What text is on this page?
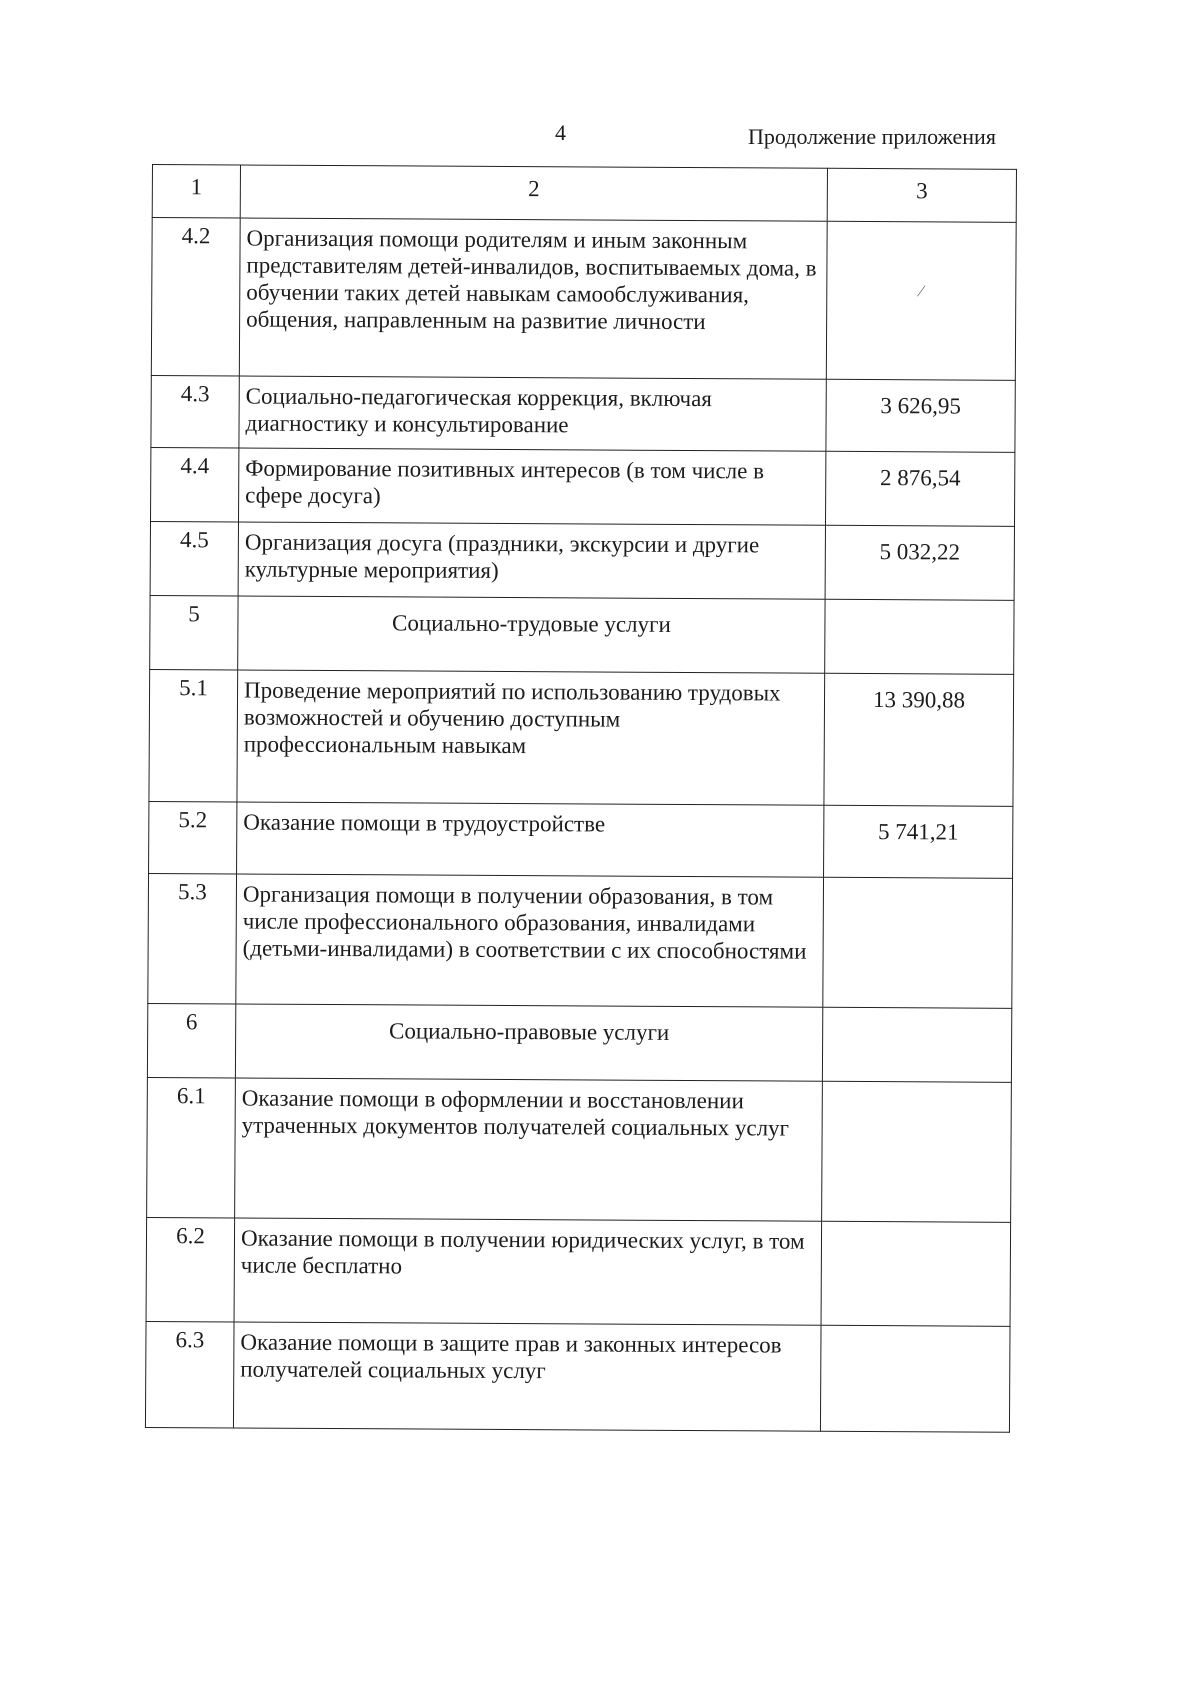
4	Продолжение приложения
1	2	3
4.2	Организация помощи родителям и иным законным представителям детей-инвалидов, воспитываемых дома, в обучении таких детей навыкам самообслуживания, общения, направленным на развитие личности	⁄

4.3	Социально-педагогическая коррекция, включая диагностику и консультирование	3 626,95
4.4	Формирование позитивных интересов (в том числе в сфере досуга)	2 876,54
4.5	Организация досуга (праздники, экскурсии и другие культурные мероприятия)	5 032,22
5	Социально-трудовые услуги	
5.1	Проведение мероприятий по использованию трудовых возможностей и обучению доступным профессиональным навыкам	13 390,88
5.2	Оказание помощи в трудоустройстве	5 741,21
5.3	Организация помощи в получении образования, в том числе профессионального образования, инвалидами (детьми-инвалидами) в соответствии с их способностями	
6	Социально-правовые услуги	
6.1	Оказание помощи в оформлении и восстановлении утраченных документов получателей социальных услуг	
6.2	Оказание помощи в получении юридических услуг, в том числе бесплатно	
6.3	Оказание помощи в защите прав и законных интересов получателей социальных услуг	
